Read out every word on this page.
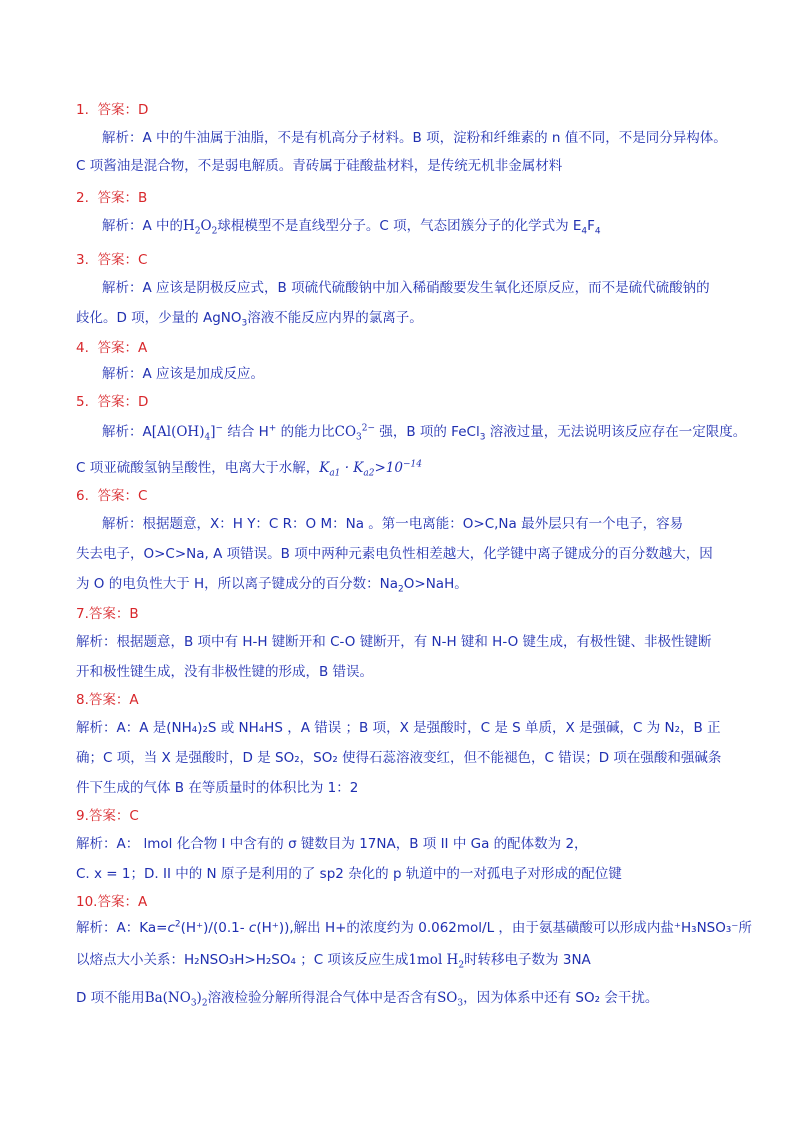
1. 答案：D
解析：A 中的牛油属于油脂，不是有机高分子材料。B 项，淀粉和纤维素的 n 值不同，不是同分异构体。
C 项酱油是混合物，不是弱电解质。青砖属于硅酸盐材料，是传统无机非金属材料
2. 答案：B
解析：A 中的$H_2O_2$球棍模型不是直线型分子。C 项，气态团簇分子的化学式为 $E_4F_4$
3. 答案：C
解析：A 应该是阴极反应式，B 项硫代硫酸钠中加入稀硝酸要发生氧化还原反应，而不是硫代硫酸钠的
歧化。D 项，少量的 AgNO$_3$溶液不能反应内界的氯离子。
4. 答案：A
解析：A 应该是加成反应。
5. 答案：D
解析：$A[Al(OH)_4]^-$ 结合 H+ 的能力比$CO_3^{2-}$ 强，B 项的 FeCl$_3$ 溶液过量，无法说明该反应存在一定限度。
C 项亚硫酸氢钠呈酸性，电离大于水解，$K_{a1} \cdot K_{a2}>10^{-14}$
6. 答案：C
解析：根据题意，X：H Y：C R：O M：Na 。第一电离能：O>C,Na 最外层只有一个电子，容易
失去电子，O>C>Na, A 项错误。B 项中两种元素电负性相差越大，化学键中离子键成分的百分数越大，因
为 O 的电负性大于 H，所以离子键成分的百分数：$Na_2O>NaH$。
7.答案：B
解析：根据题意，B 项中有 H-H 键断开和 C-O 键断开，有 N-H 键和 H-O 键生成，有极性键、非极性键断
开和极性键生成，没有非极性键的形成，B 错误。
8.答案：A
解析：A：A 是(NH₄)₂S 或 NH₄HS ，A 错误 ；B 项，X 是强酸时，C 是 S 单质，X 是强碱，C 为 N₂，B 正
确；C 项，当 X 是强酸时，D 是 SO₂，SO₂ 使得石蕊溶液变红，但不能褪色，C 错误；D 项在强酸和强碱条
件下生成的气体 B 在等质量时的体积比为 1：2
9.答案：C
解析：A： lmol 化合物 I 中含有的 σ 键数目为 17NA，B 项 II 中 Ga 的配体数为 2，
C. x = 1；D. II 中的 N 原子是利用的了 sp2 杂化的 p 轨道中的一对孤电子对形成的配位键
10.答案：A
解析：A：$Ka=c^2(H^+)/(0.1-$ c(H⁺)),解出 H+的浓度约为 0.062mol/L ，由于氨基磺酸可以形成内盐⁺H₃NSO₃⁻所
以熔点大小关系：H₂NSO₃H>H₂SO₄ ；C 项该反应生成1mol $H_2$时转移电子数为 3NA
D 项不能用$Ba(NO_3)_2$溶液检验分解所得混合气体中是否含有$SO_3$，因为体系中还有 SO₂ 会干扰。
